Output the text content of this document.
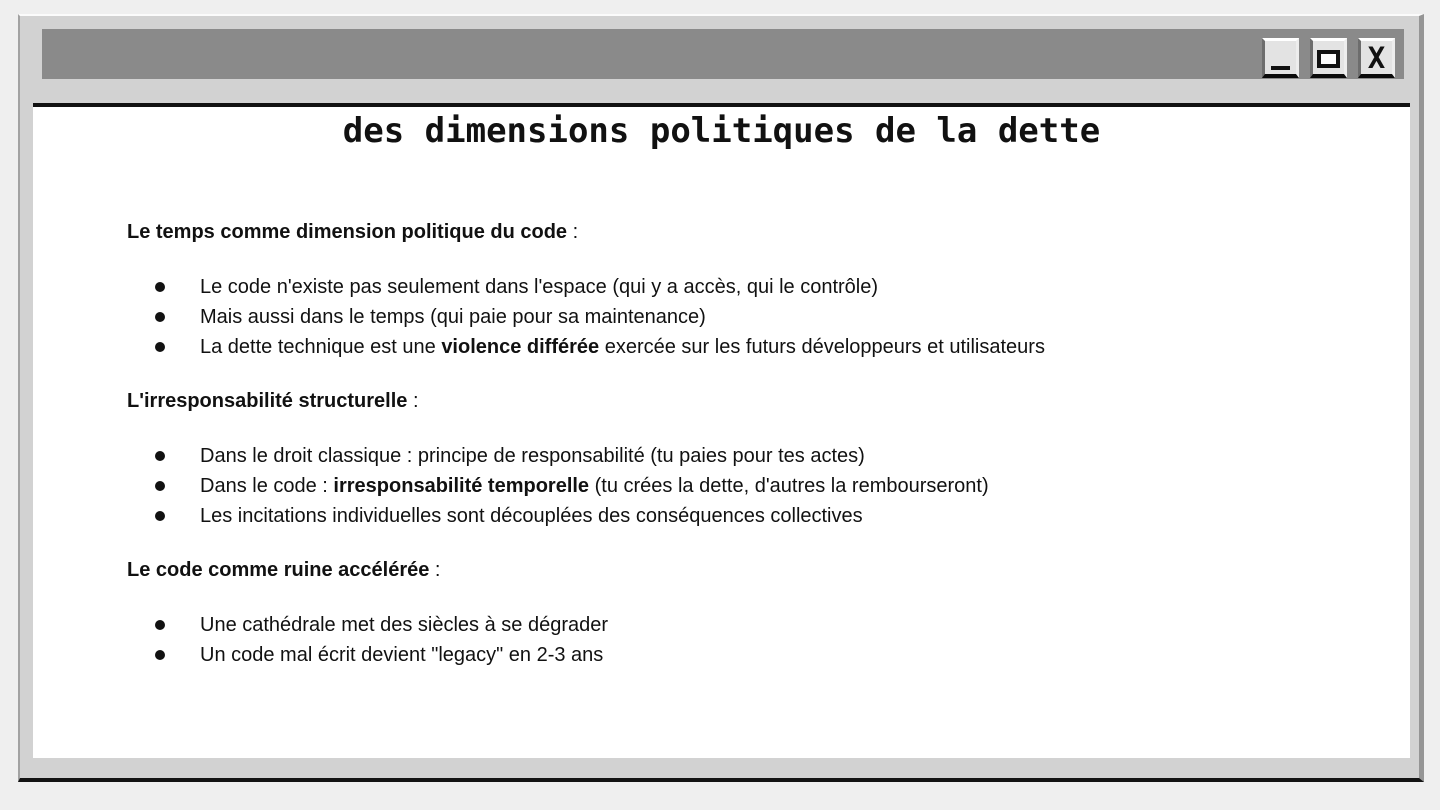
X
des dimensions politiques de la dette
Le temps comme dimension politique du code :
Le code n'existe pas seulement dans l'espace (qui y a accès, qui le contrôle)
Mais aussi dans le temps (qui paie pour sa maintenance)
La dette technique est une violence différée exercée sur les futurs développeurs et utilisateurs
L'irresponsabilité structurelle :
Dans le droit classique : principe de responsabilité (tu paies pour tes actes)
Dans le code : irresponsabilité temporelle (tu crées la dette, d'autres la rembourseront)
Les incitations individuelles sont découplées des conséquences collectives
Le code comme ruine accélérée :
Une cathédrale met des siècles à se dégrader
Un code mal écrit devient "legacy" en 2-3 ans
